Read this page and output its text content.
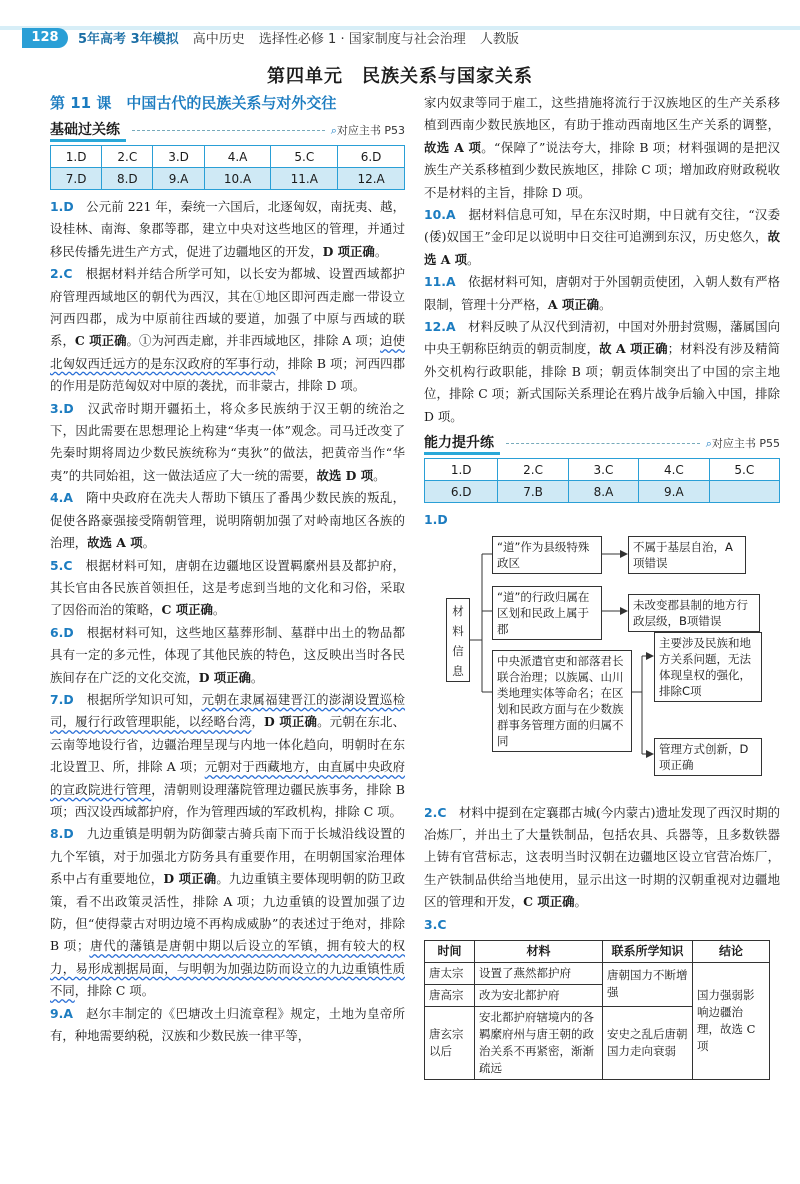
128	5年高考 3年模拟 高中历史 选择性必修 1 · 国家制度与社会治理 人教版
第四单元　民族关系与国家关系
第 11 课　中国古代的民族关系与对外交往
基础过关练	⌕对应主书 P53
1.D	2.C	3.D	4.A	5.C	6.D
7.D	8.D	9.A	10.A	11.A	12.A

1.D　 公元前 221 年，秦统一六国后，北逐匈奴，南抚夷、越，设桂林、南海、象郡等郡，建立中央对这些地区的管理，并通过移民传播先进生产方式，促进了边疆地区的开发，D 项正确。

2.C　 根据材料并结合所学可知，以长安为都城、设置西域都护府管理西域地区的朝代为西汉，其在①地区即河西走廊一带设立河西四郡，成为中原前往西域的要道，加强了中原与西域的联系，C 项正确。①为河西走廊，并非西域地区，排除 A 项；迫使北匈奴西迁远方的是东汉政府的军事行动，排除 B 项；河西四郡的作用是防范匈奴对中原的袭扰，而非蒙古，排除 D 项。

3.D　 汉武帝时期开疆拓土，将众多民族纳于汉王朝的统治之下，因此需要在思想理论上构建“华夷一体”观念。司马迁改变了先秦时期将周边少数民族统称为“夷狄”的做法，把黄帝当作“华夷”的共同始祖，这一做法适应了大一统的需要，故选 D 项。

4.A　 隋中央政府在冼夫人帮助下镇压了番禺少数民族的叛乱，促使各路豪强接受隋朝管理，说明隋朝加强了对岭南地区各族的治理，故选 A 项。

5.C　 根据材料可知，唐朝在边疆地区设置羁縻州县及都护府，其长官由各民族首领担任，这是考虑到当地的文化和习俗，采取了因俗而治的策略，C 项正确。

6.D　 根据材料可知，这些地区墓葬形制、墓群中出土的物品都具有一定的多元性，体现了其他民族的特色，这反映出当时各民族间存在广泛的文化交流，D 项正确。

7.D　 根据所学知识可知，元朝在隶属福建晋江的澎湖设置巡检司，履行行政管理职能，以经略台湾，D 项正确。元朝在东北、云南等地设行省，边疆治理呈现与内地一体化趋向，明朝时在东北设置卫、所，排除 A 项；元朝对于西藏地方，由直属中央政府的宣政院进行管理，清朝则设理藩院管理边疆民族事务，排除 B 项；西汉设西域都护府，作为管理西域的军政机构，排除 C 项。

8.D　 九边重镇是明朝为防御蒙古骑兵南下而于长城沿线设置的九个军镇，对于加强北方防务具有重要作用，在明朝国家治理体系中占有重要地位，D 项正确。九边重镇主要体现明朝的防卫政策，看不出政策灵活性，排除 A 项；九边重镇的设置加强了边防，但“使得蒙古对明边境不再构成威胁”的表述过于绝对，排除 B 项；唐代的藩镇是唐朝中期以后设立的军镇，拥有较大的权力，易形成割据局面，与明朝为加强边防而设立的九边重镇性质不同，排除 C 项。

9.A　 赵尔丰制定的《巴塘改土归流章程》规定，土地为皇帝所有，种地需要纳税，汉族和少数民族一律平等，

家内奴隶等同于雇工，这些措施将流行于汉族地区的生产关系移植到西南少数民族地区，有助于推动西南地区生产关系的调整，故选 A 项。“保障了”说法夸大，排除 B 项；材料强调的是把汉族生产关系移植到少数民族地区，排除 C 项；增加政府财政税收不是材料的主旨，排除 D 项。

10.A　 据材料信息可知，早在东汉时期，中日就有交往，“汉委(倭)奴国王”金印足以说明中日交往可追溯到东汉，历史悠久，故选 A 项。

11.A　 依据材料可知，唐朝对于外国朝贡使团，入朝人数有严格限制，管理十分严格，A 项正确。

12.A　 材料反映了从汉代到清初，中国对外册封赏赐，藩属国向中央王朝称臣纳贡的朝贡制度，故 A 项正确；材料没有涉及精简外交机构行政职能，排除 B 项；朝贡体制突出了中国的宗主地位，排除 C 项；新式国际关系理论在鸦片战争后输入中国，排除 D 项。

能力提升练	⌕对应主书 P55
1.D	2.C	3.C	4.C	5.C
6.D	7.B	8.A	9.A	

1.D

材料信息
“道”作为县级特殊政区
不属于基层自治，A项错误
“道”的行政归属在区划和民政上属于郡
未改变郡县制的地方行政层级，B项错误
中央派遣官吏和部落君长联合治理；以族属、山川类地理实体等命名；在区划和民政方面与在少数族群事务管理方面的归属不同
主要涉及民族和地方关系问题，无法体现皇权的强化，排除C项
管理方式创新，D项正确

2.C　 材料中提到在定襄郡古城(今内蒙古)遗址发现了西汉时期的冶炼厂，并出土了大量铁制品，包括农具、兵器等，且多数铁器上铸有官营标志，这表明当时汉朝在边疆地区设立官营冶炼厂，生产铁制品供给当地使用，显示出这一时期的汉朝重视对边疆地区的管理和开发，C 项正确。

3.C

时间	材料	联系所学知识	结论
唐太宗	设置了燕然都护府	唐朝国力不断增强	国力强弱影响边疆治理，故选 C 项
唐高宗	改为安北都护府		
唐玄宗以后	安北都护府辖境内的各羁縻府州与唐王朝的政治关系不再紧密，渐渐疏远	安史之乱后唐朝国力走向衰弱	
